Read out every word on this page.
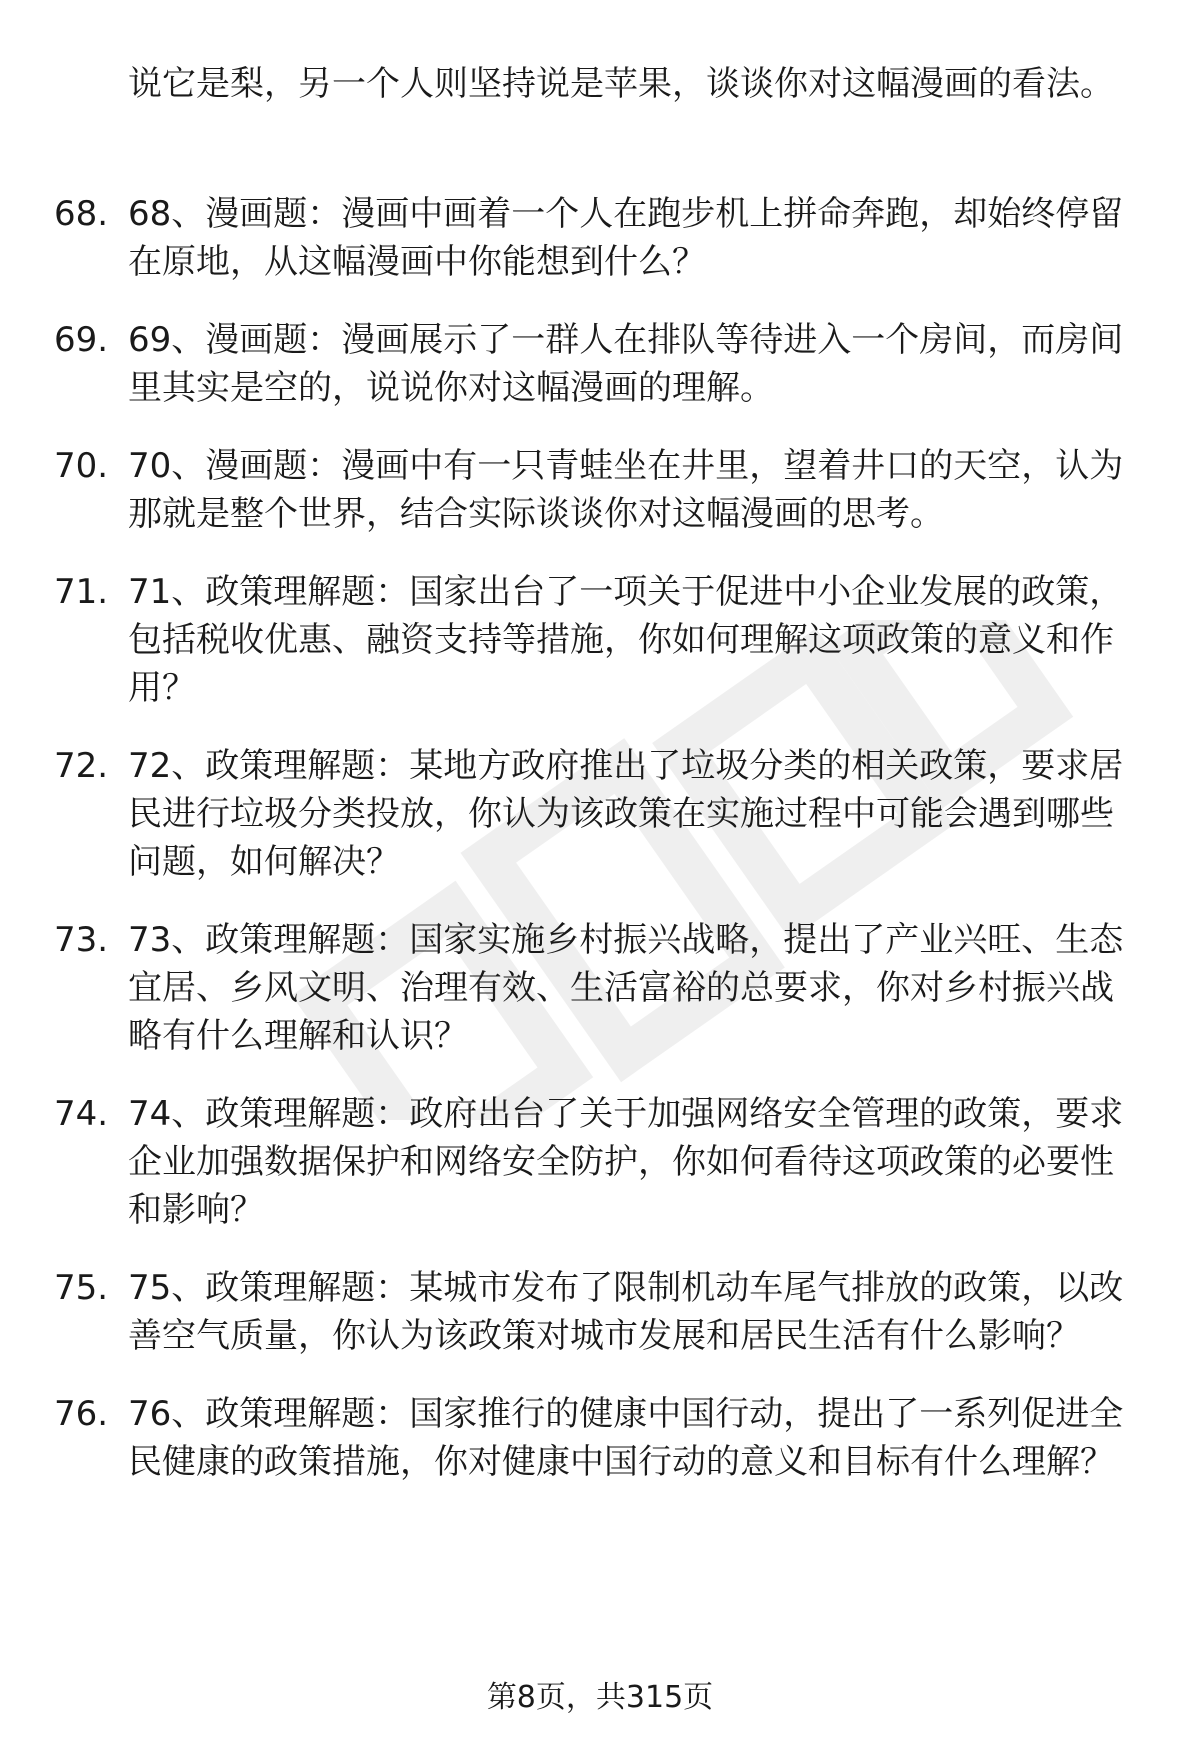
说它是梨，另一个人则坚持说是苹果，谈谈你对这幅漫画的看法。
68. 68、漫画题：漫画中画着一个人在跑步机上拼命奔跑，却始终停留在原地，从这幅漫画中你能想到什么？
69. 69、漫画题：漫画展示了一群人在排队等待进入一个房间，而房间里其实是空的，说说你对这幅漫画的理解。
70. 70、漫画题：漫画中有一只青蛙坐在井里，望着井口的天空，认为那就是整个世界，结合实际谈谈你对这幅漫画的思考。
71. 71、政策理解题：国家出台了一项关于促进中小企业发展的政策，包括税收优惠、融资支持等措施，你如何理解这项政策的意义和作用？
72. 72、政策理解题：某地方政府推出了垃圾分类的相关政策，要求居民进行垃圾分类投放，你认为该政策在实施过程中可能会遇到哪些问题，如何解决？
73. 73、政策理解题：国家实施乡村振兴战略，提出了产业兴旺、生态宜居、乡风文明、治理有效、生活富裕的总要求，你对乡村振兴战略有什么理解和认识？
74. 74、政策理解题：政府出台了关于加强网络安全管理的政策，要求企业加强数据保护和网络安全防护，你如何看待这项政策的必要性和影响？
75. 75、政策理解题：某城市发布了限制机动车尾气排放的政策，以改善空气质量，你认为该政策对城市发展和居民生活有什么影响？
76. 76、政策理解题：国家推行的健康中国行动，提出了一系列促进全民健康的政策措施，你对健康中国行动的意义和目标有什么理解？
第8页，共315页
